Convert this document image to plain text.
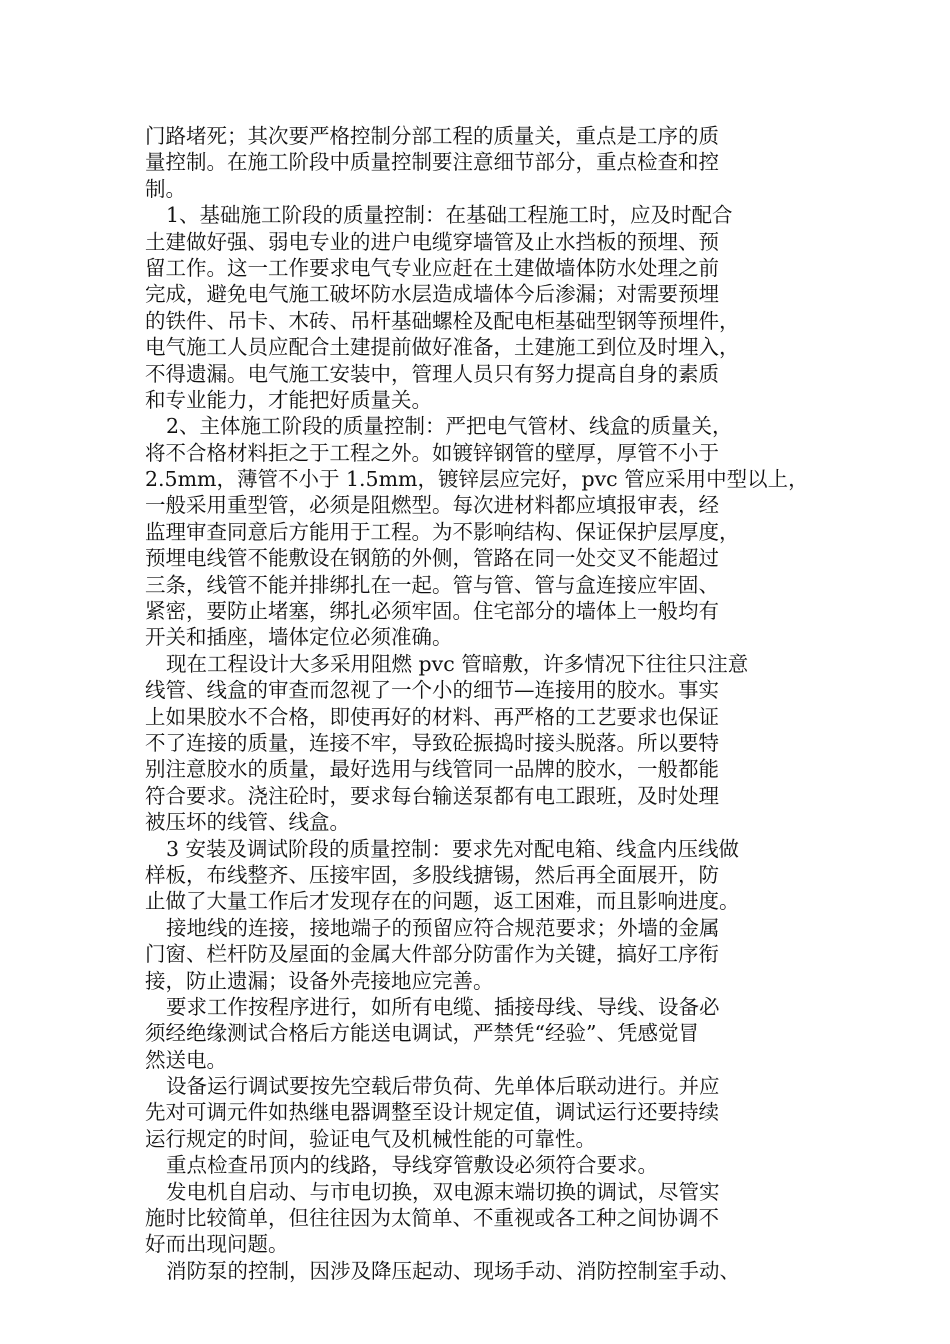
门路堵死；其次要严格控制分部工程的质量关，重点是工序的质
量控制。在施工阶段中质量控制要注意细节部分，重点检查和控
制。
1、基础施工阶段的质量控制：在基础工程施工时，应及时配合
土建做好强、弱电专业的进户电缆穿墙管及止水挡板的预埋、预
留工作。这一工作要求电气专业应赶在土建做墙体防水处理之前
完成，避免电气施工破坏防水层造成墙体今后渗漏；对需要预埋
的铁件、吊卡、木砖、吊杆基础螺栓及配电柜基础型钢等预埋件，
电气施工人员应配合土建提前做好准备，土建施工到位及时埋入，
不得遗漏。电气施工安装中，管理人员只有努力提高自身的素质
和专业能力，才能把好质量关。
2、主体施工阶段的质量控制：严把电气管材、线盒的质量关，
将不合格材料拒之于工程之外。如镀锌钢管的壁厚，厚管不小于
2.5mm，薄管不小于 1.5mm，镀锌层应完好，pvc 管应采用中型以上，
一般采用重型管，必须是阻燃型。每次进材料都应填报审表，经
监理审查同意后方能用于工程。为不影响结构、保证保护层厚度，
预埋电线管不能敷设在钢筋的外侧，管路在同一处交叉不能超过
三条，线管不能并排绑扎在一起。管与管、管与盒连接应牢固、
紧密，要防止堵塞，绑扎必须牢固。住宅部分的墙体上一般均有
开关和插座，墙体定位必须准确。
现在工程设计大多采用阻燃 pvc 管暗敷，许多情况下往往只注意
线管、线盒的审查而忽视了一个小的细节—连接用的胶水。事实
上如果胶水不合格，即使再好的材料、再严格的工艺要求也保证
不了连接的质量，连接不牢，导致砼振捣时接头脱落。所以要特
别注意胶水的质量，最好选用与线管同一品牌的胶水，一般都能
符合要求。浇注砼时，要求每台输送泵都有电工跟班，及时处理
被压坏的线管、线盒。
3 安装及调试阶段的质量控制：要求先对配电箱、线盒内压线做
样板，布线整齐、压接牢固，多股线搪锡，然后再全面展开，防
止做了大量工作后才发现存在的问题，返工困难，而且影响进度。
接地线的连接，接地端子的预留应符合规范要求；外墙的金属
门窗、栏杆防及屋面的金属大件部分防雷作为关键，搞好工序衔
接，防止遗漏；设备外壳接地应完善。
要求工作按程序进行，如所有电缆、插接母线、导线、设备必
须经绝缘测试合格后方能送电调试，严禁凭“经验”、凭感觉冒
然送电。
设备运行调试要按先空载后带负荷、先单体后联动进行。并应
先对可调元件如热继电器调整至设计规定值，调试运行还要持续
运行规定的时间，验证电气及机械性能的可靠性。
重点检查吊顶内的线路，导线穿管敷设必须符合要求。
发电机自启动、与市电切换，双电源末端切换的调试，尽管实
施时比较简单，但往往因为太简单、不重视或各工种之间协调不
好而出现问题。
消防泵的控制，因涉及降压起动、现场手动、消防控制室手动、
